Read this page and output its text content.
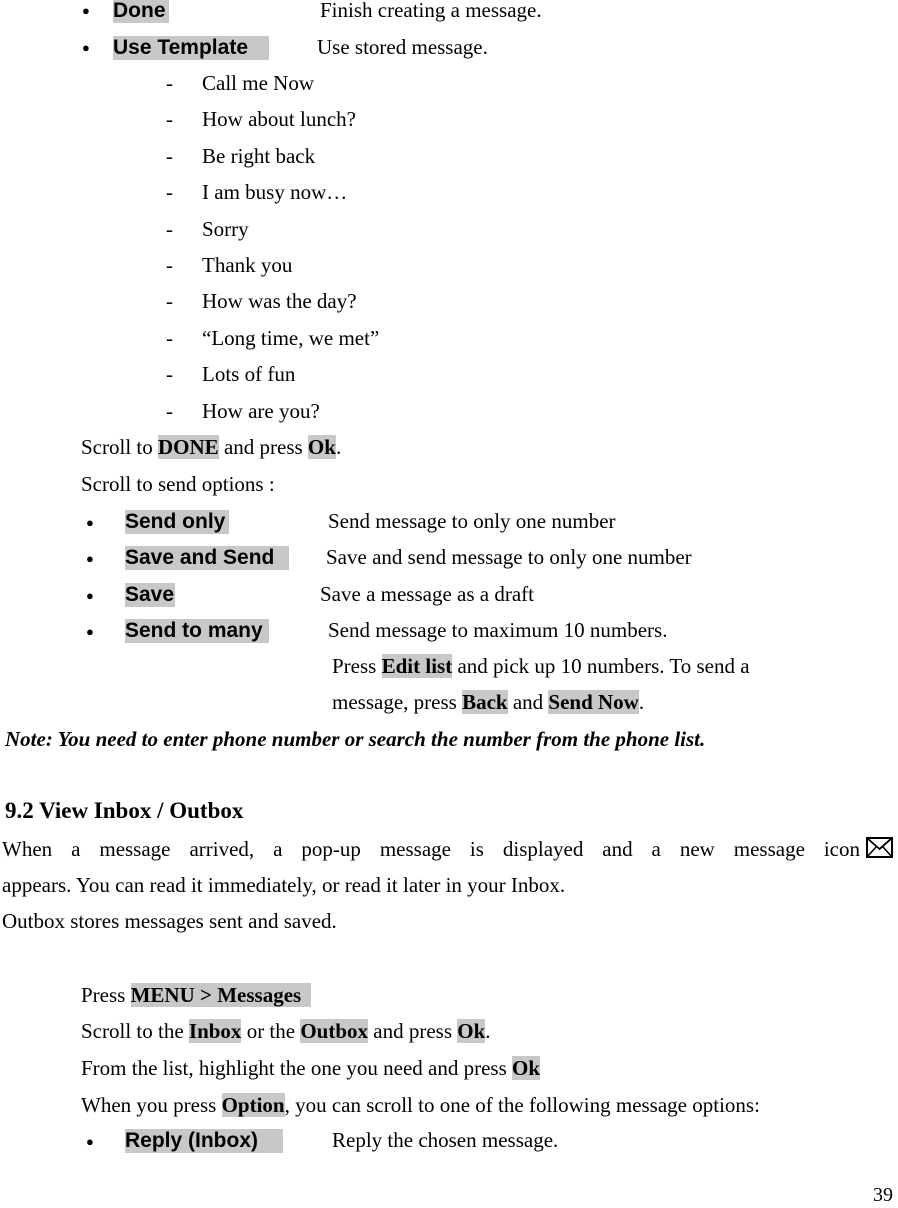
● Done	Finish creating a message.
● Use Template	Use stored message.
- Call me Now
- How about lunch?
- Be right back
- I am busy now…
- Sorry
- Thank you
- How was the day?
- “Long time, we met”
- Lots of fun
- How are you?
Scroll to DONE and press Ok.
Scroll to send options :
● Send only	Send message to only one number
● Save and Send	Save and send message to only one number
● Save	Save a message as a draft
● Send to many	Send message to maximum 10 numbers.
Press Edit list and pick up 10 numbers. To send a
message, press Back and Send Now.
Note: You need to enter phone number or search the number from the phone list.
9.2 View Inbox / Outbox
When a message arrived, a pop-up message is displayed and a new message icon
appears. You can read it immediately, or read it later in your Inbox.
Outbox stores messages sent and saved.
Press MENU > Messages
Scroll to the Inbox or the Outbox and press Ok.
From the list, highlight the one you need and press Ok
When you press Option, you can scroll to one of the following message options:
● Reply (Inbox)	Reply the chosen message.
39
